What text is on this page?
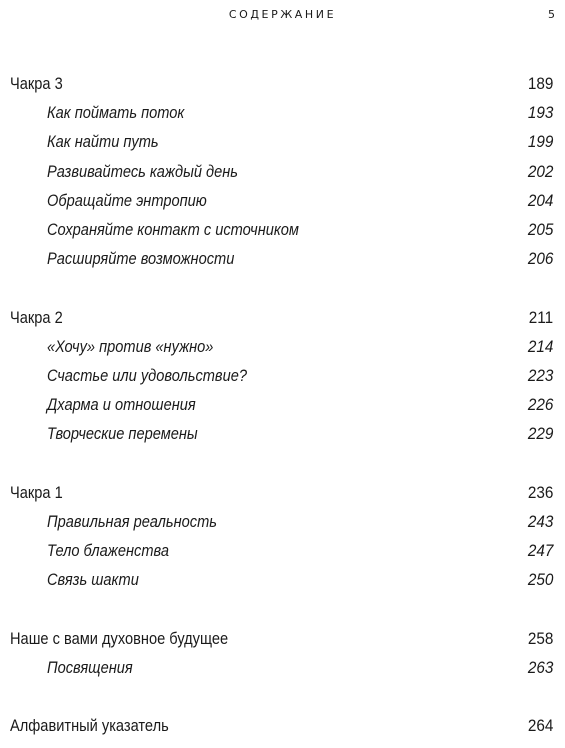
СОДЕРЖАНИЕ	5
Чакра 3	189
Как поймать поток	193
Как найти путь	199
Развивайтесь каждый день	202
Обращайте энтропию	204
Сохраняйте контакт с источником	205
Расширяйте возможности	206
Чакра 2	211
«Хочу» против «нужно»	214
Счастье или удовольствие?	223
Дхарма и отношения	226
Творческие перемены	229
Чакра 1	236
Правильная реальность	243
Тело блаженства	247
Связь шакти	250
Наше с вами духовное будущее	258
Посвящения	263
Алфавитный указатель	264
